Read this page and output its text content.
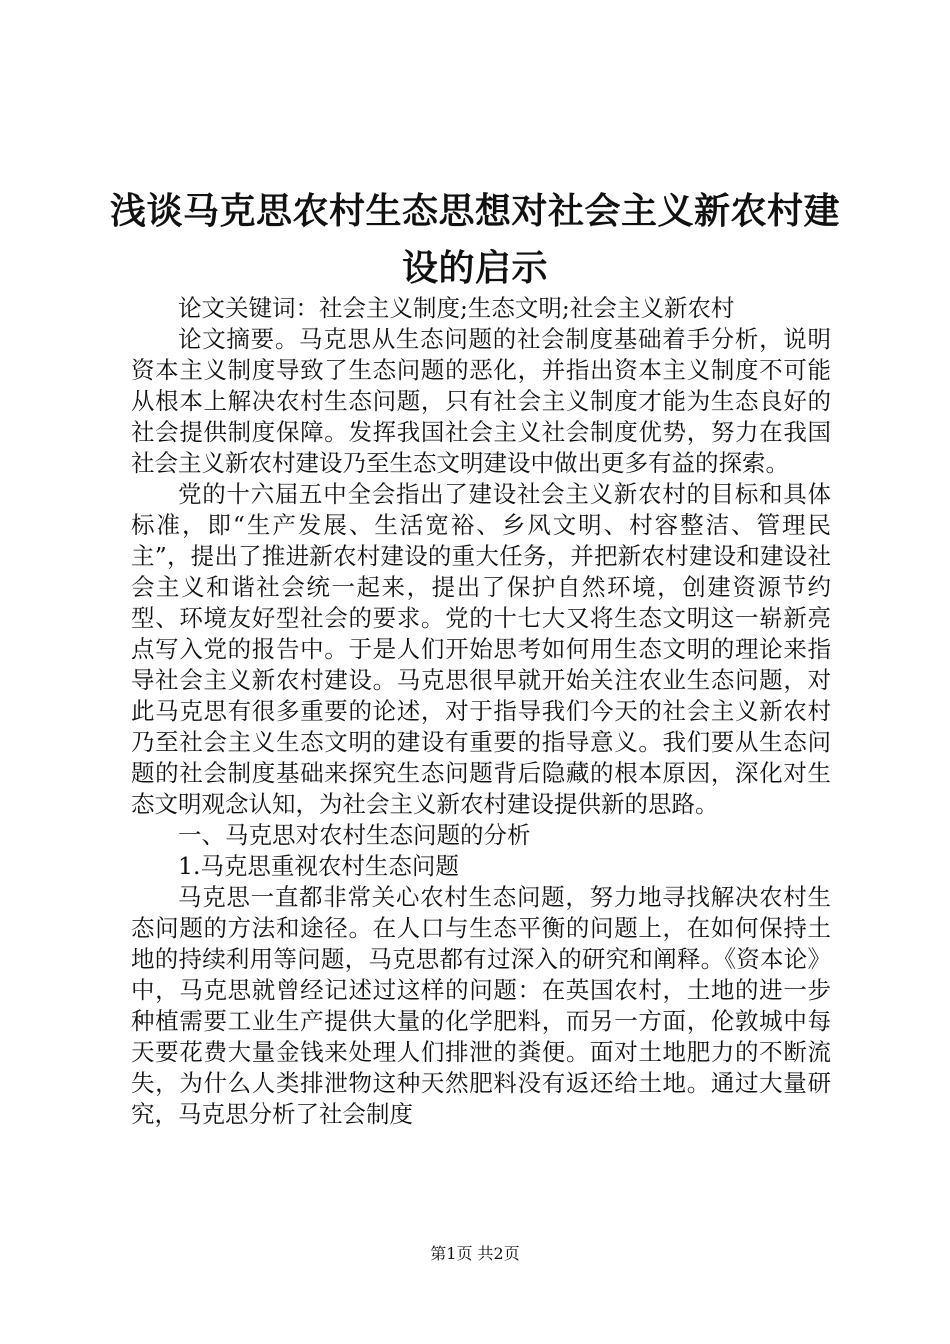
浅谈马克思农村生态思想对社会主义新农村建
设的启示

论文关键词：社会主义制度;生态文明;社会主义新农村

论文摘要。马克思从生态问题的社会制度基础着手分析，说明资本主义制度导致了生态问题的恶化，并指出资本主义制度不可能从根本上解决农村生态问题，只有社会主义制度才能为生态良好的社会提供制度保障。发挥我国社会主义社会制度优势，努力在我国社会主义新农村建设乃至生态文明建设中做出更多有益的探索。

党的十六届五中全会指出了建设社会主义新农村的目标和具体标准，即“生产发展、生活宽裕、乡风文明、村容整洁、管理民主”，提出了推进新农村建设的重大任务，并把新农村建设和建设社会主义和谐社会统一起来，提出了保护自然环境，创建资源节约型、环境友好型社会的要求。党的十七大又将生态文明这一崭新亮点写入党的报告中。于是人们开始思考如何用生态文明的理论来指导社会主义新农村建设。马克思很早就开始关注农业生态问题，对此马克思有很多重要的论述，对于指导我们今天的社会主义新农村乃至社会主义生态文明的建设有重要的指导意义。我们要从生态问题的社会制度基础来探究生态问题背后隐藏的根本原因，深化对生态文明观念认知，为社会主义新农村建设提供新的思路。

一、马克思对农村生态问题的分析

1.马克思重视农村生态问题

马克思一直都非常关心农村生态问题，努力地寻找解决农村生态问题的方法和途径。在人口与生态平衡的问题上，在如何保持土地的持续利用等问题，马克思都有过深入的研究和阐释。《资本论》中，马克思就曾经记述过这样的问题：在英国农村，土地的进一步种植需要工业生产提供大量的化学肥料，而另一方面，伦敦城中每天要花费大量金钱来处理人们排泄的粪便。面对土地肥力的不断流失，为什么人类排泄物这种天然肥料没有返还给土地。通过大量研究，马克思分析了社会制度

第1页 共2页
